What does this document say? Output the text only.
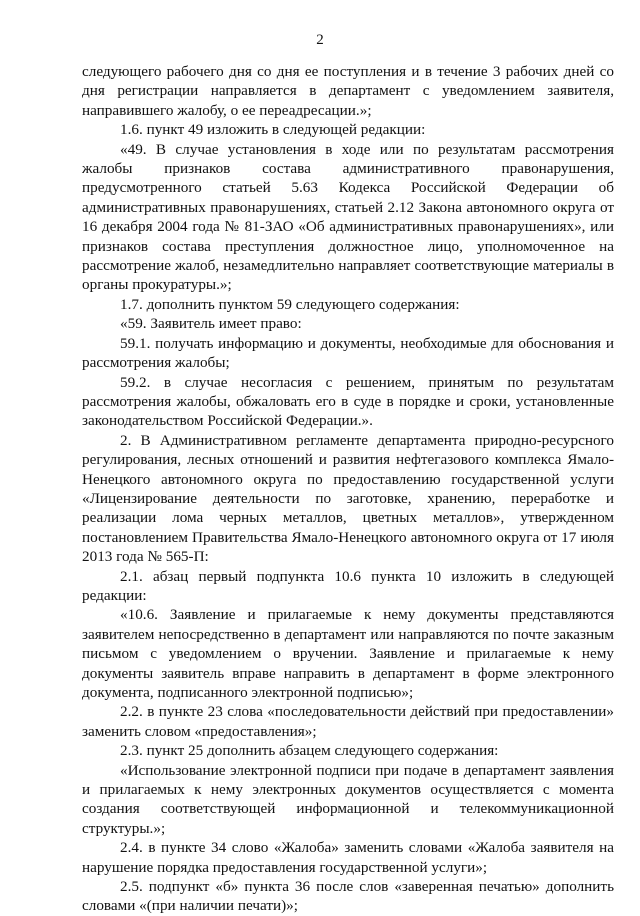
2

следующего рабочего дня со дня ее поступления и в течение 3 рабочих дней со дня регистрации направляется в департамент с уведомлением заявителя, направившего жалобу, о ее переадресации.»;

1.6. пункт 49 изложить в следующей редакции:

«49. В случае установления в ходе или по результатам рассмотрения жалобы признаков состава административного правонарушения, предусмотренного статьей 5.63 Кодекса Российской Федерации об административных правонарушениях, статьей 2.12 Закона автономного округа от 16 декабря 2004 года № 81-ЗАО «Об административных правонарушениях», или признаков состава преступления должностное лицо, уполномоченное на рассмотрение жалоб, незамедлительно направляет соответствующие материалы в органы прокуратуры.»;

1.7. дополнить пунктом 59 следующего содержания:

«59. Заявитель имеет право:

59.1. получать информацию и документы, необходимые для обоснования и рассмотрения жалобы;

59.2. в случае несогласия с решением, принятым по результатам рассмотрения жалобы, обжаловать его в суде в порядке и сроки, установленные законодательством Российской Федерации.».

2. В Административном регламенте департамента природно-ресурсного регулирования, лесных отношений и развития нефтегазового комплекса Ямало-Ненецкого автономного округа по предоставлению государственной услуги «Лицензирование деятельности по заготовке, хранению, переработке и реализации лома черных металлов, цветных металлов», утвержденном постановлением Правительства Ямало-Ненецкого автономного округа от 17 июля 2013 года № 565-П:

2.1. абзац первый подпункта 10.6 пункта 10 изложить в следующей редакции:

«10.6. Заявление и прилагаемые к нему документы представляются заявителем непосредственно в департамент или направляются по почте заказным письмом с уведомлением о вручении. Заявление и прилагаемые к нему документы заявитель вправе направить в департамент в форме электронного документа, подписанного электронной подписью»;

2.2. в пункте 23 слова «последовательности действий при предоставлении» заменить словом «предоставления»;

2.3. пункт 25 дополнить абзацем следующего содержания:

«Использование электронной подписи при подаче в департамент заявления и прилагаемых к нему электронных документов осуществляется с момента создания соответствующей информационной и телекоммуникационной структуры.»;

2.4. в пункте 34 слово «Жалоба» заменить словами «Жалоба заявителя на нарушение порядка предоставления государственной услуги»;

2.5. подпункт «б» пункта 36 после слов «заверенная печатью» дополнить словами «(при наличии печати)»;
